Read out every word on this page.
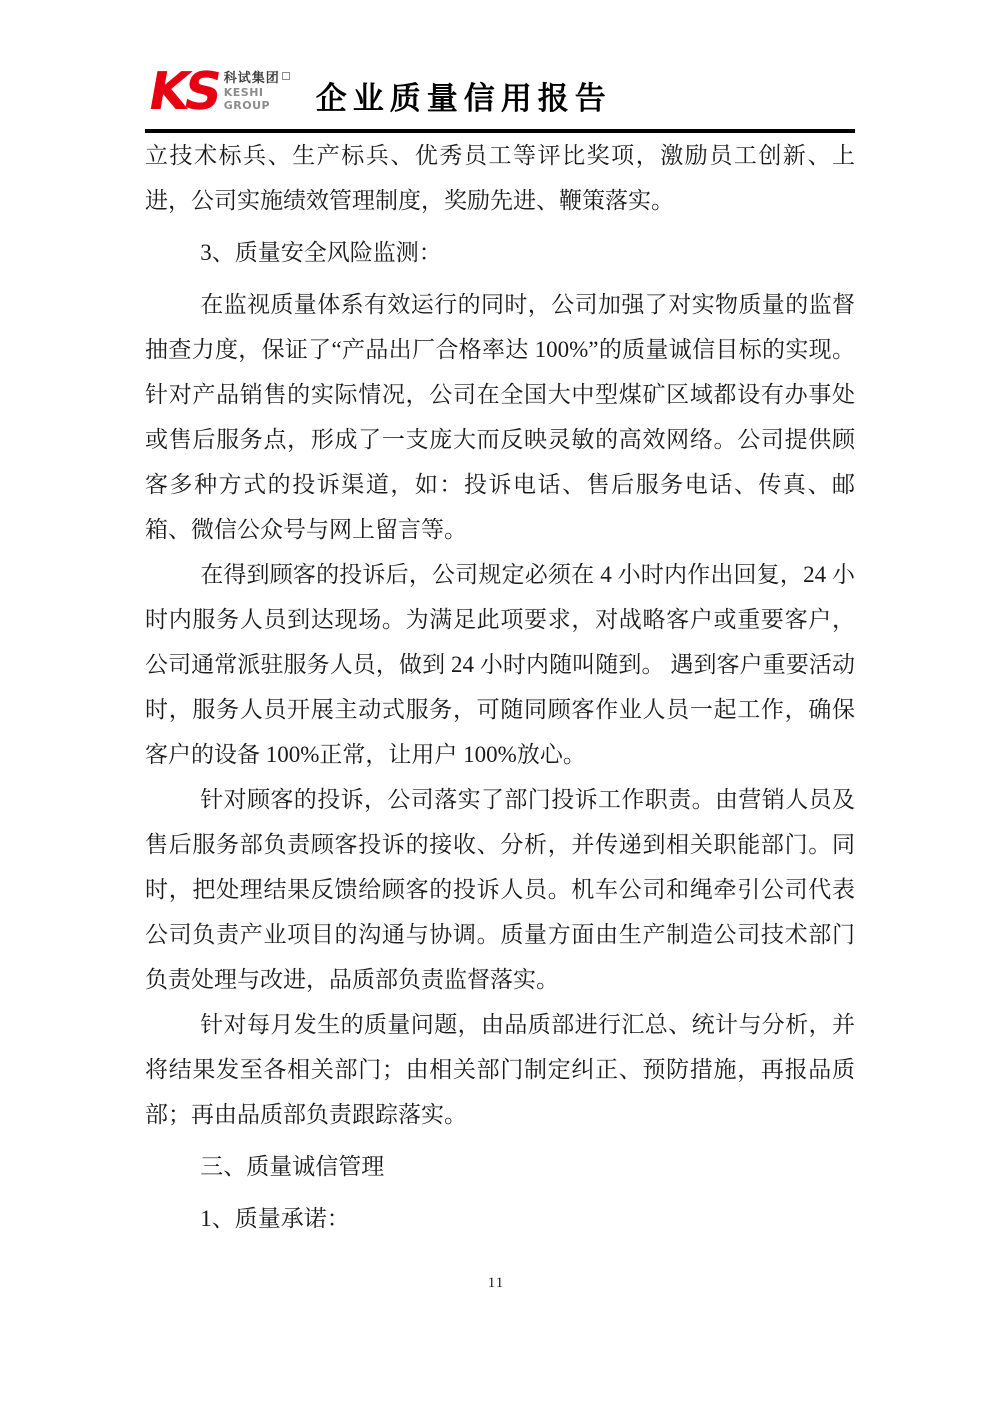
KS 科试集团
KESHI
GROUP	企业质量信用报告

立技术标兵、生产标兵、优秀员工等评比奖项，激励员工创新、上进，公司实施绩效管理制度，奖励先进、鞭策落实。

3、质量安全风险监测：

在监视质量体系有效运行的同时，公司加强了对实物质量的监督抽查力度，保证了“产品出厂合格率达 100%”的质量诚信目标的实现。 针对产品销售的实际情况，公司在全国大中型煤矿区域都设有办事处或售后服务点，形成了一支庞大而反映灵敏的高效网络。公司提供顾客多种方式的投诉渠道，如：投诉电话、售后服务电话、传真、邮箱、微信公众号与网上留言等。

在得到顾客的投诉后，公司规定必须在 4 小时内作出回复，24 小时内服务人员到达现场。为满足此项要求，对战略客户或重要客户，公司通常派驻服务人员，做到 24 小时内随叫随到。 遇到客户重要活动时，服务人员开展主动式服务，可随同顾客作业人员一起工作，确保客户的设备 100%正常，让用户 100%放心。

针对顾客的投诉，公司落实了部门投诉工作职责。由营销人员及售后服务部负责顾客投诉的接收、分析，并传递到相关职能部门。同时，把处理结果反馈给顾客的投诉人员。机车公司和绳牵引公司代表公司负责产业项目的沟通与协调。质量方面由生产制造公司技术部门负责处理与改进，品质部负责监督落实。

针对每月发生的质量问题，由品质部进行汇总、统计与分析，并将结果发至各相关部门；由相关部门制定纠正、预防措施，再报品质部；再由品质部负责跟踪落实。

三、质量诚信管理

1、质量承诺：

11
